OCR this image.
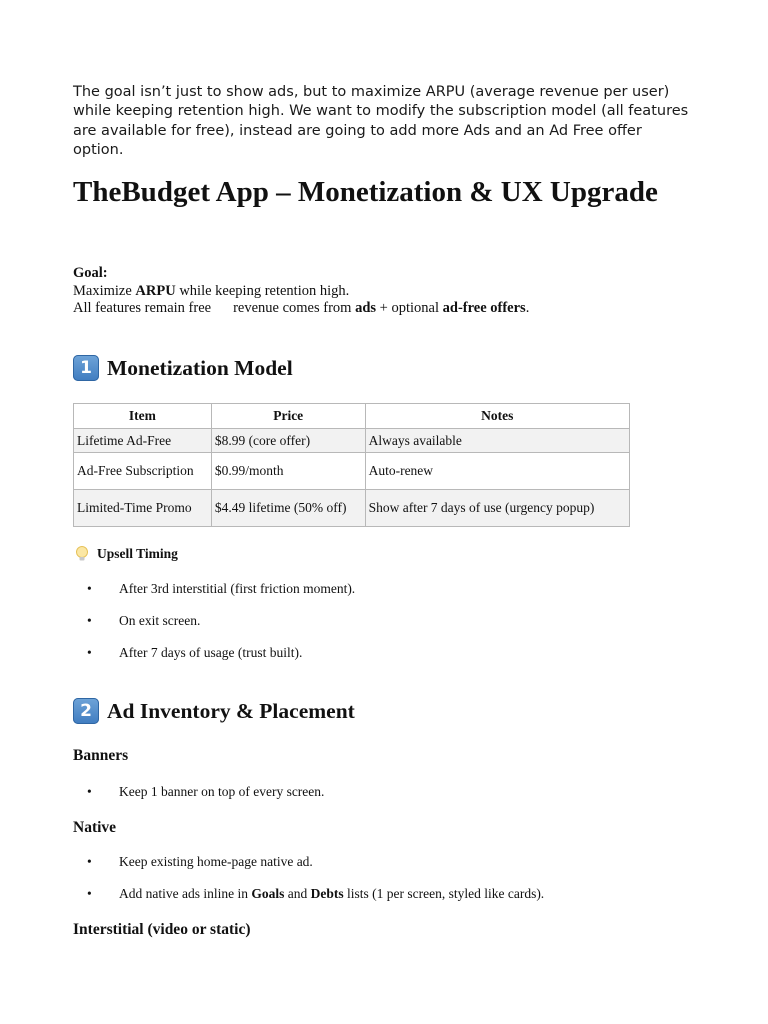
The goal isn’t just to show ads, but to maximize ARPU (average revenue per user) while keeping retention high. We want to modify the subscription model (all features are available for free), instead are going to add more Ads and an Ad Free offer option.

TheBudget App – Monetization & UX Upgrade
Goal:
Maximize ARPU while keeping retention high.
All features remain free revenue comes from ads + optional ad-free offers.
1 Monetization Model
Item	Price	Notes
Lifetime Ad-Free	$8.99 (core offer)	Always available
Ad-Free Subscription	$0.99/month	Auto-renew
Limited-Time Promo	$4.49 lifetime (50% off)	Show after 7 days of use (urgency popup)
Upsell Timing
• After 3rd interstitial (first friction moment).
• On exit screen.
• After 7 days of usage (trust built).
2 Ad Inventory & Placement
Banners
• Keep 1 banner on top of every screen.
Native
• Keep existing home-page native ad.
• Add native ads inline in Goals and Debts lists (1 per screen, styled like cards).
Interstitial (video or static)
